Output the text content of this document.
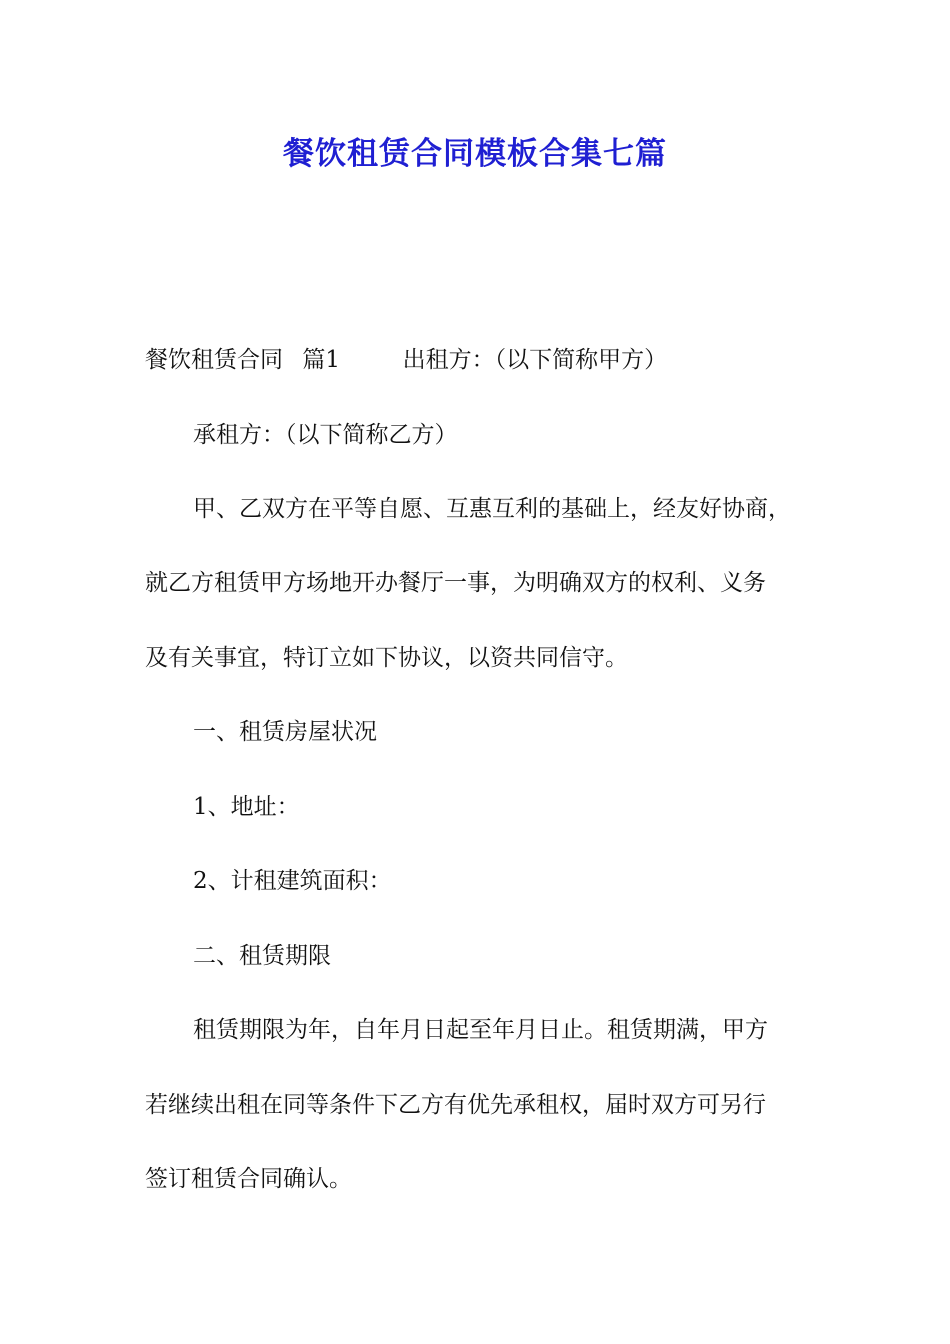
餐饮租赁合同模板合集七篇
餐饮租赁合同 篇1	出租方：（以下简称甲方）
承租方：（以下简称乙方）
甲、乙双方在平等自愿、互惠互利的基础上，经友好协商，
就乙方租赁甲方场地开办餐厅一事，为明确双方的权利、义务
及有关事宜，特订立如下协议，以资共同信守。
一、租赁房屋状况
1、地址：
2、计租建筑面积：
二、租赁期限
租赁期限为年，自年月日起至年月日止。租赁期满，甲方
若继续出租在同等条件下乙方有优先承租权，届时双方可另行
签订租赁合同确认。
